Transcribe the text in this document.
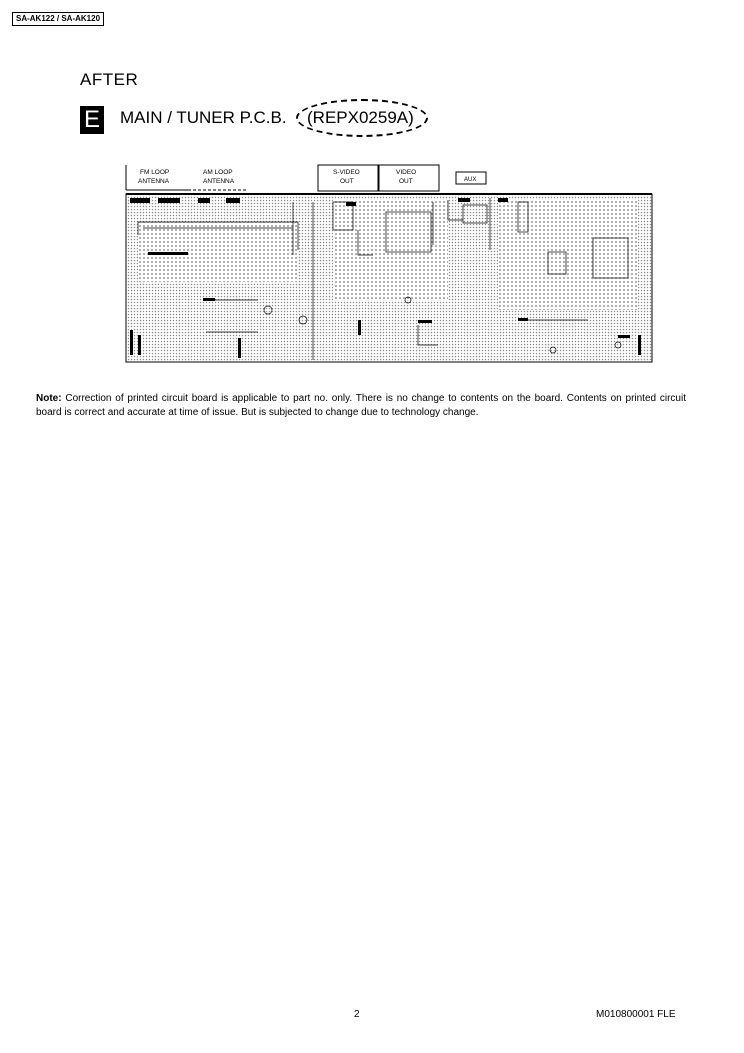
SA-AK122 / SA-AK120
AFTER
E MAIN / TUNER P.C.B. (REPX0259A)
FM LOOP
ANTENNA
AM LOOP
ANTENNA
S-VIDEO
OUT
VIDEO
OUT	AUX
Note: Correction of printed circuit board is applicable to part no. only. There is no change to contents on the board. Contents on printed circuit board is correct and accurate at time of issue. But is subjected to change due to technology change.
2	M010800001 FLE
